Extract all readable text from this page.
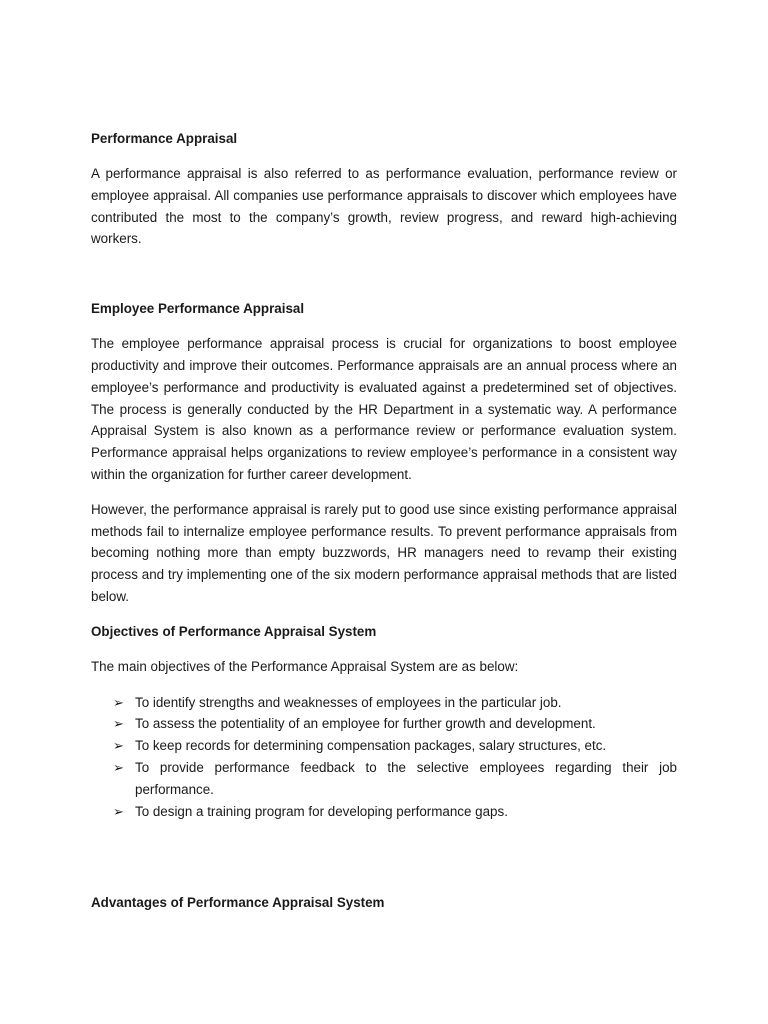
Performance Appraisal

A performance appraisal is also referred to as performance evaluation, performance review or employee appraisal. All companies use performance appraisals to discover which employees have contributed the most to the company’s growth, review progress, and reward high-achieving workers.

Employee Performance Appraisal

The employee performance appraisal process is crucial for organizations to boost employee productivity and improve their outcomes. Performance appraisals are an annual process where an employee’s performance and productivity is evaluated against a predetermined set of objectives. The process is generally conducted by the HR Department in a systematic way. A performance Appraisal System is also known as a performance review or performance evaluation system. Performance appraisal helps organizations to review employee’s performance in a consistent way within the organization for further career development.

However, the performance appraisal is rarely put to good use since existing performance appraisal methods fail to internalize employee performance results. To prevent performance appraisals from becoming nothing more than empty buzzwords, HR managers need to revamp their existing process and try implementing one of the six modern performance appraisal methods that are listed below.

Objectives of Performance Appraisal System

The main objectives of the Performance Appraisal System are as below:

➢ To identify strengths and weaknesses of employees in the particular job.
➢ To assess the potentiality of an employee for further growth and development.
➢ To keep records for determining compensation packages, salary structures, etc.
➢ To provide performance feedback to the selective employees regarding their job performance.
➢ To design a training program for developing performance gaps.

Advantages of Performance Appraisal System
